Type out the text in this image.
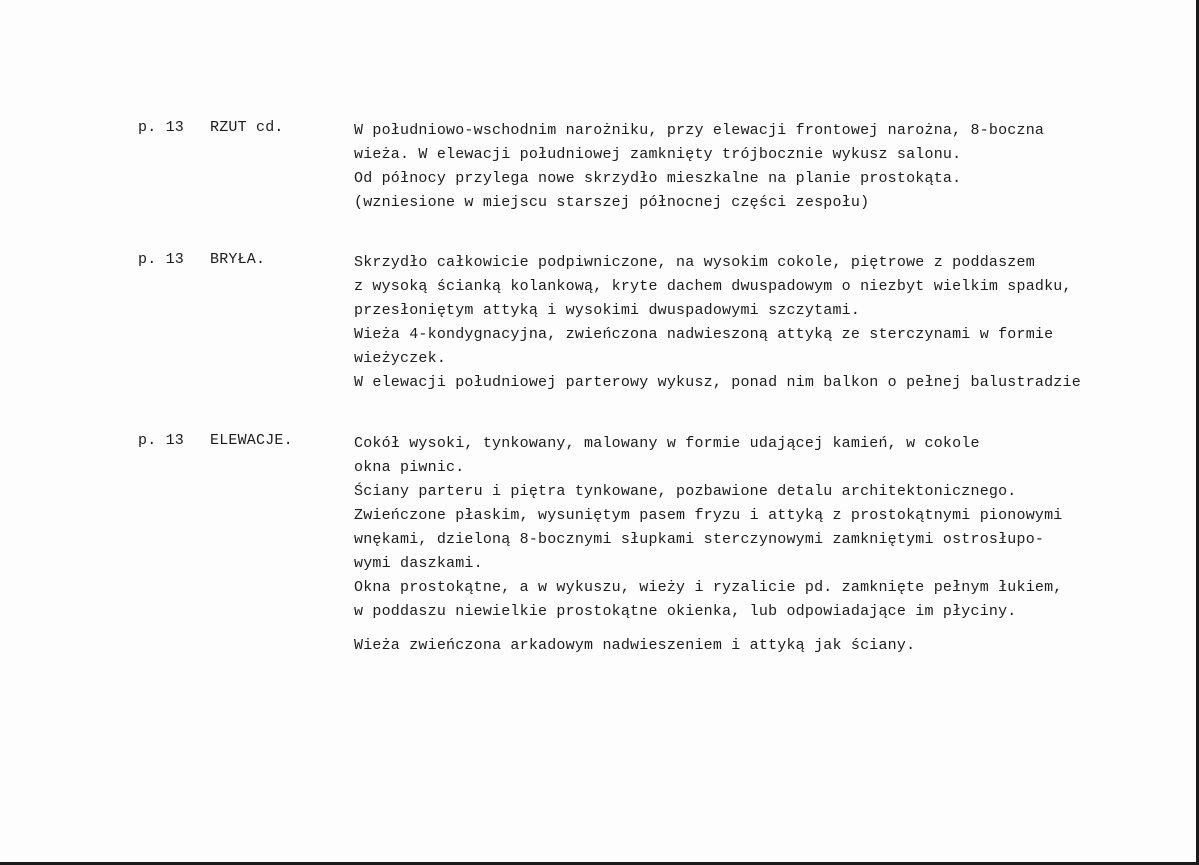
p. 13 RZUT cd.	W południowo-wschodnim narożniku, przy elewacji frontowej narożna, 8-boczna
wieża. W elewacji południowej zamknięty trójbocznie wykusz salonu.
Od północy przylega nowe skrzydło mieszkalne na planie prostokąta.
(wzniesione w miejscu starszej północnej części zespołu)
p. 13 BRYŁA.	Skrzydło całkowicie podpiwniczone, na wysokim cokole, piętrowe z poddaszem
z wysoką ścianką kolankową, kryte dachem dwuspadowym o niezbyt wielkim spadku,
przesłoniętym attyką i wysokimi dwuspadowymi szczytami.
Wieża 4-kondygnacyjna, zwieńczona nadwieszoną attyką ze sterczynami w formie
wieżyczek.
W elewacji południowej parterowy wykusz, ponad nim balkon o pełnej balustradzie
p. 13 ELEWACJE.	Cokół wysoki, tynkowany, malowany w formie udającej kamień, w cokole
okna piwnic.
Ściany parteru i piętra tynkowane, pozbawione detalu architektonicznego.
Zwieńczone płaskim, wysuniętym pasem fryzu i attyką z prostokątnymi pionowymi
wnękami, dzieloną 8-bocznymi słupkami sterczynowymi zamkniętymi ostrosłupo-
wymi daszkami.
Okna prostokątne, a w wykuszu, wieży i ryzalicie pd. zamknięte pełnym łukiem,
w poddaszu niewielkie prostokątne okienka, lub odpowiadające im płyciny.
Wieża zwieńczona arkadowym nadwieszeniem i attyką jak ściany.
